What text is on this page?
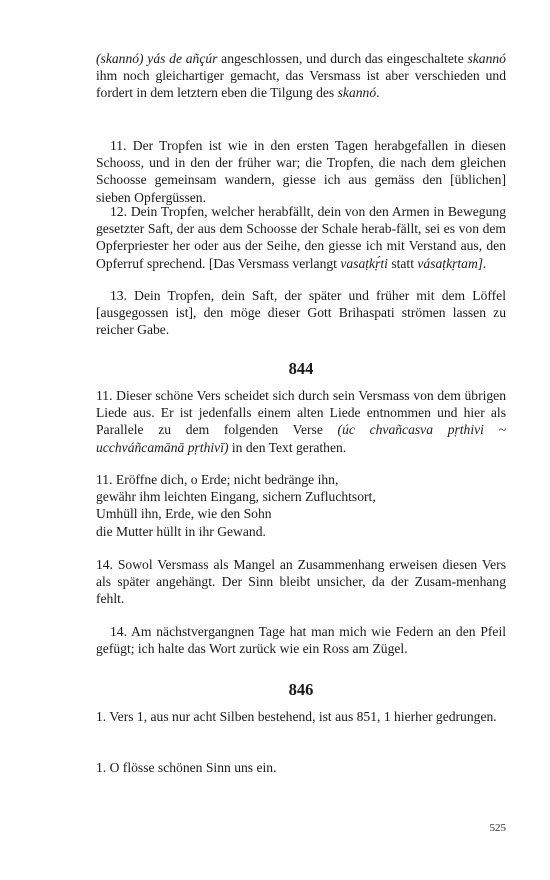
(skannó) yás de añçúr angeschlossen, und durch das eingeschaltete skannó ihm noch gleichartiger gemacht, das Versmass ist aber verschieden und fordert in dem letztern eben die Tilgung des skannó.

11. Der Tropfen ist wie in den ersten Tagen herabgefallen in diesen Schooss, und in den der früher war; die Tropfen, die nach dem gleichen Schoosse gemeinsam wandern, giesse ich aus gemäss den [üblichen] sieben Opfergüssen.

12. Dein Tropfen, welcher herabfällt, dein von den Armen in Bewegung gesetzter Saft, der aus dem Schoosse der Schale herab-fällt, sei es von dem Opferpriester her oder aus der Seihe, den giesse ich mit Verstand aus, den Opferruf sprechend. [Das Versmass verlangt vasaṭkṛ́ti statt vásaṭkṛtam].

13. Dein Tropfen, dein Saft, der später und früher mit dem Löffel [ausgegossen ist], den möge dieser Gott Brihaspati strömen lassen zu reicher Gabe.

844

11. Dieser schöne Vers scheidet sich durch sein Versmass von dem übrigen Liede aus. Er ist jedenfalls einem alten Liede entnommen und hier als Parallele zu dem folgenden Verse (úc chvañcasva pṛthivi ~ ucchváñcamānā pṛthivī) in den Text gerathen.

11. Eröffne dich, o Erde; nicht bedränge ihn,
gewähr ihm leichten Eingang, sichern Zufluchtsort,
Umhüll ihn, Erde, wie den Sohn
die Mutter hüllt in ihr Gewand.

14. Sowol Versmass als Mangel an Zusammenhang erweisen diesen Vers als später angehängt. Der Sinn bleibt unsicher, da der Zusam-menhang fehlt.

14. Am nächstvergangnen Tage hat man mich wie Federn an den Pfeil gefügt; ich halte das Wort zurück wie ein Ross am Zügel.

846

1. Vers 1, aus nur acht Silben bestehend, ist aus 851, 1 hierher gedrungen.

1. O flösse schönen Sinn uns ein.

525
